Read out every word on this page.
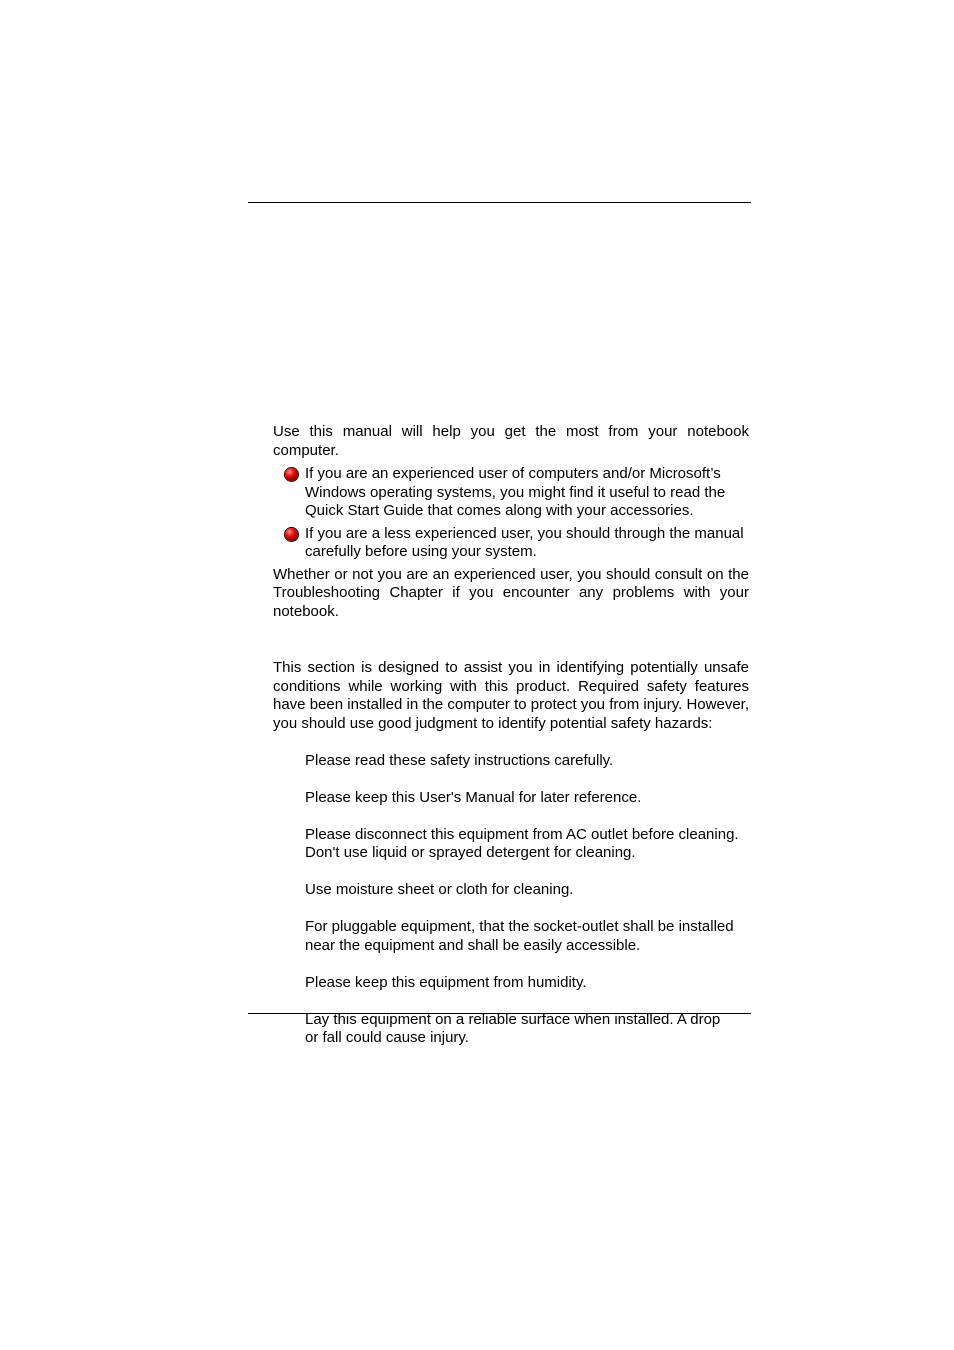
Use this manual will help you get the most from your notebook computer.

If you are an experienced user of computers and/or Microsoft’s Windows operating systems, you might find it useful to read the Quick Start Guide that comes along with your accessories.
If you are a less experienced user, you should through the manual carefully before using your system.

Whether or not you are an experienced user, you should consult on the Troubleshooting Chapter if you encounter any problems with your notebook.

This section is designed to assist you in identifying potentially unsafe conditions while working with this product. Required safety features have been installed in the computer to protect you from injury. However, you should use good judgment to identify potential safety hazards:

Please read these safety instructions carefully.

Please keep this User's Manual for later reference.

Please disconnect this equipment from AC outlet before cleaning. Don't use liquid or sprayed detergent for cleaning.

Use moisture sheet or cloth for cleaning.

For pluggable equipment, that the socket-outlet shall be installed near the equipment and shall be easily accessible.

Please keep this equipment from humidity.

Lay this equipment on a reliable surface when installed. A drop or fall could cause injury.
